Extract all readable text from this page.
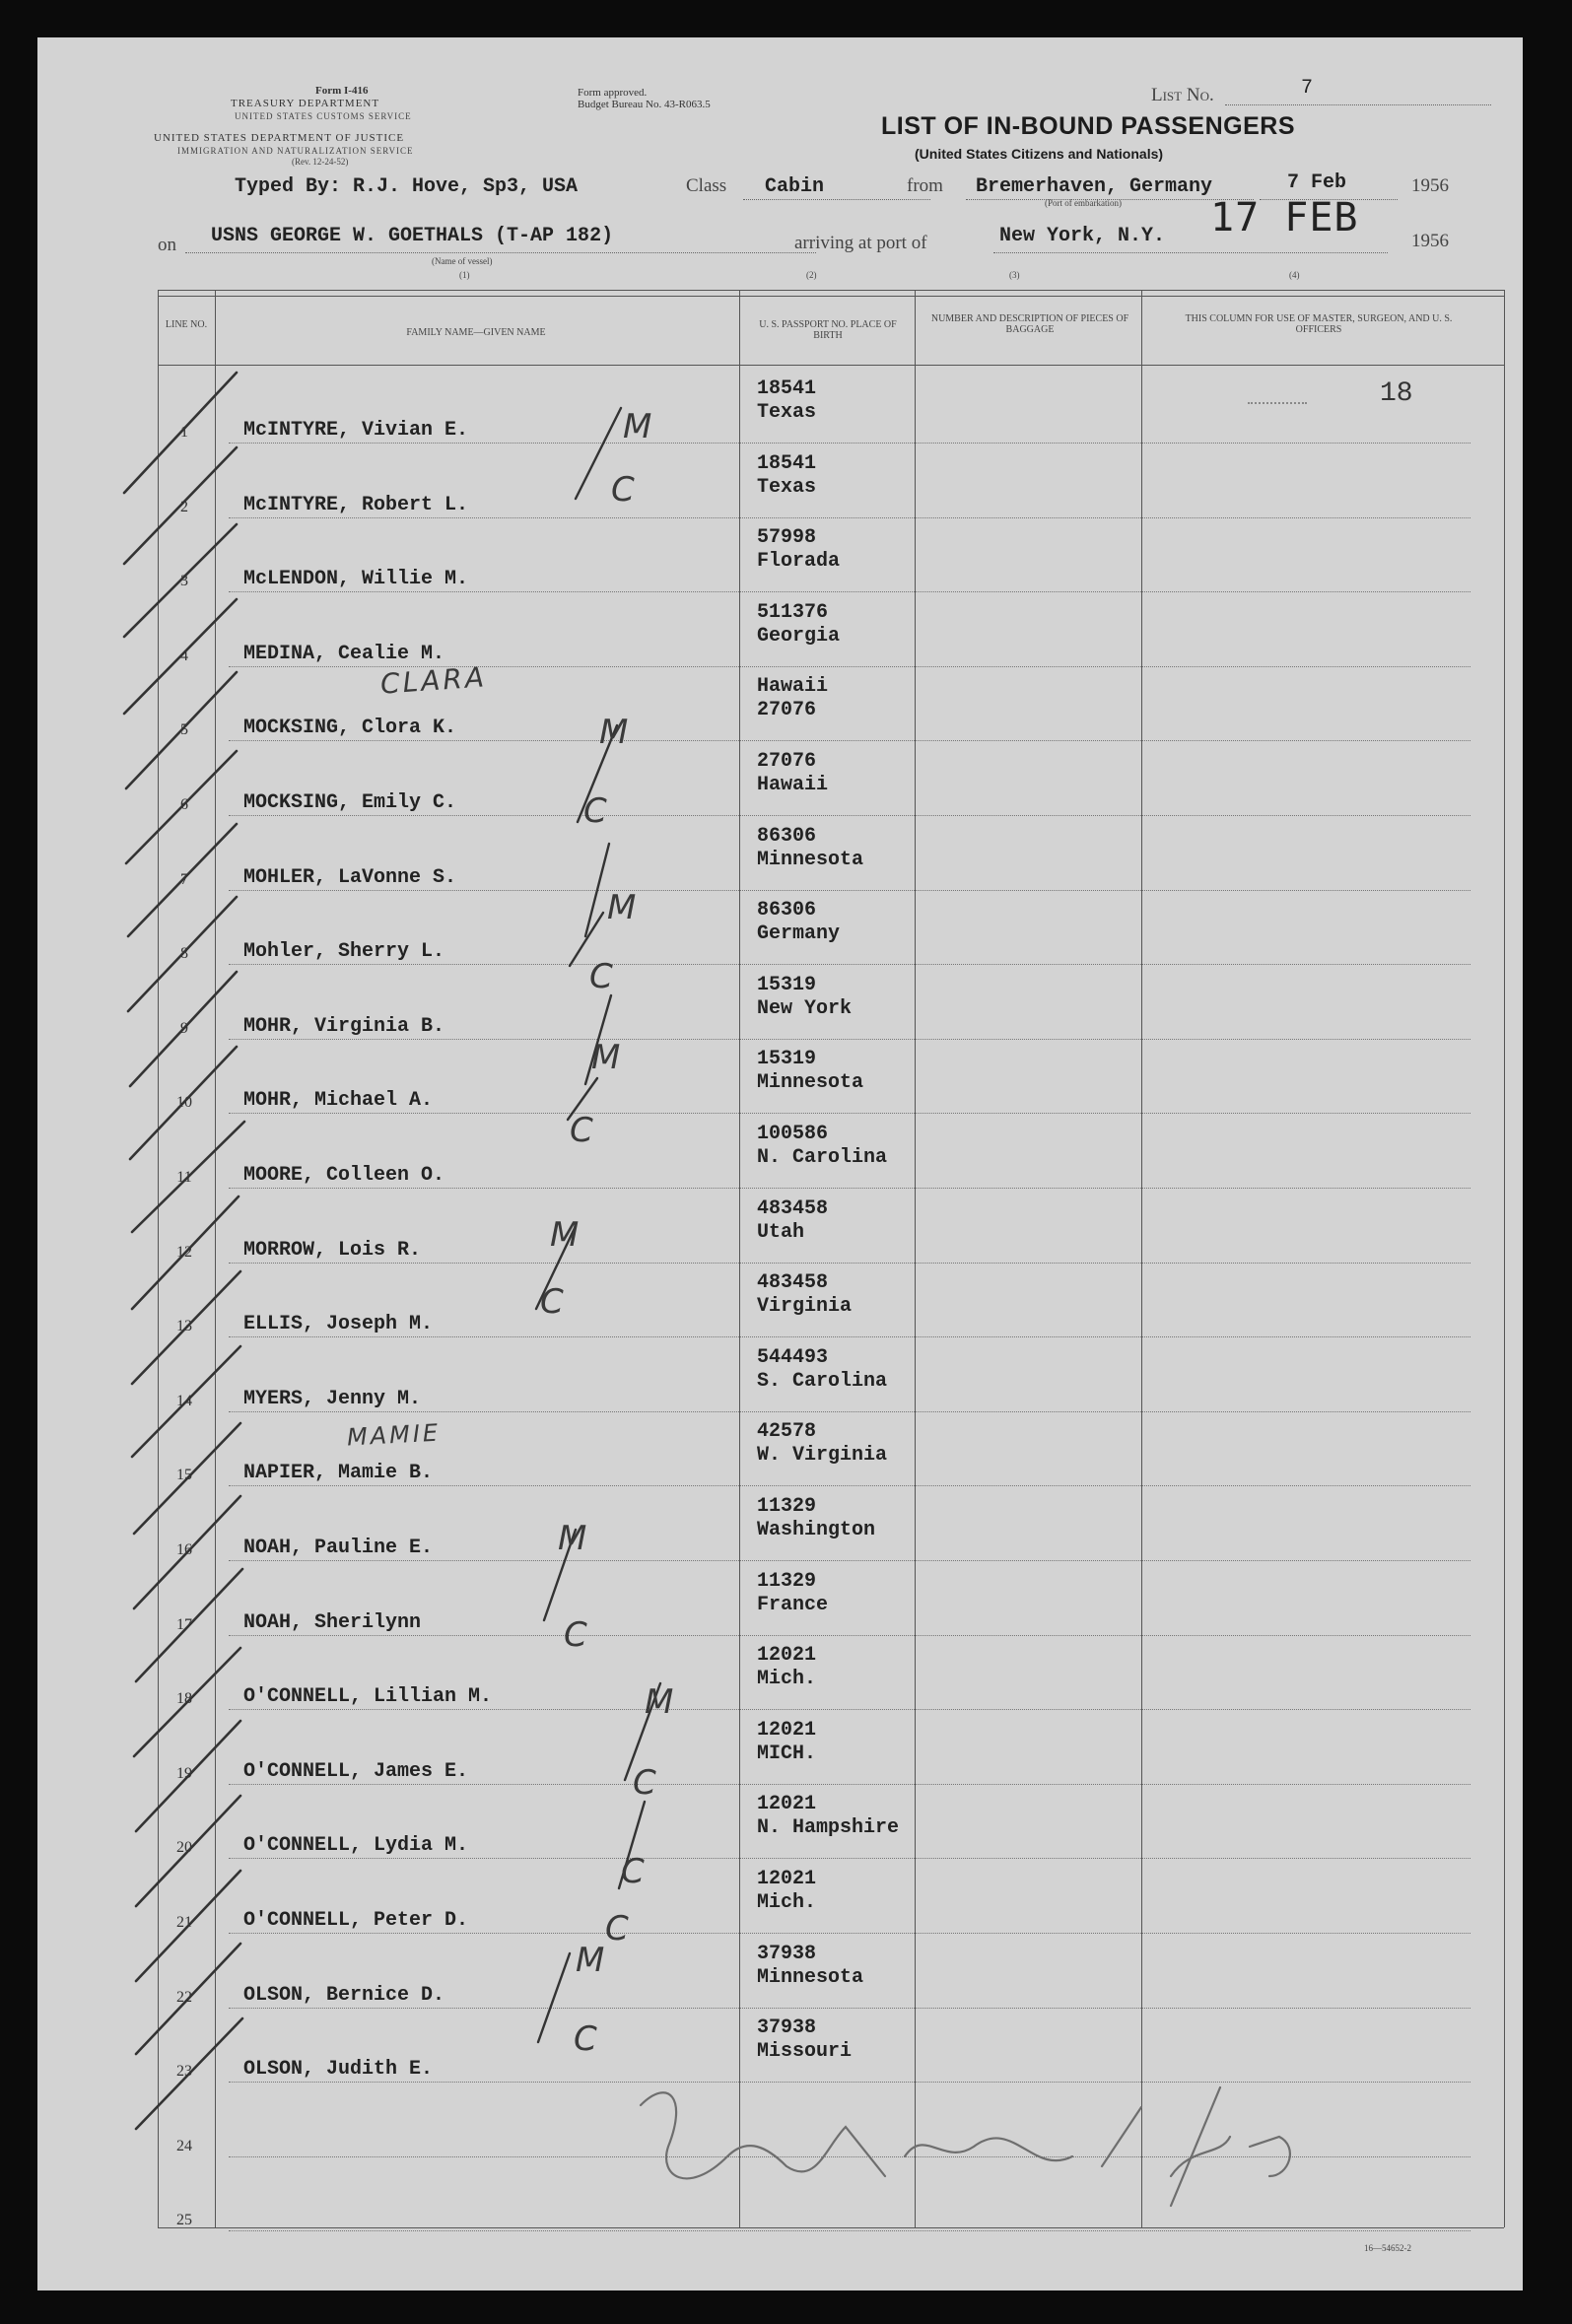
Form I-416
TREASURY DEPARTMENT
UNITED STATES CUSTOMS SERVICE
Form approved.
Budget Bureau No. 43-R063.5
UNITED STATES DEPARTMENT OF JUSTICE
IMMIGRATION AND NATURALIZATION SERVICE
(Rev. 12-24-52)
List No.	7
LIST OF IN-BOUND PASSENGERS
(United States Citizens and Nationals)
Typed By: R.J. Hove, Sp3, USA	Class Cabin	from Bremerhaven, Germany
(Port of embarkation)
7 Feb	1956
on USNS GEORGE W. GOETHALS (T-AP 182)
(Name of vessel)
(1)
arriving at port of
(2)
New York, N.Y. 17 FEB
(3)	(4)
1956
LINE NO.
FAMILY NAME—GIVEN NAME
U. S. PASSPORT NO. PLACE OF BIRTH
NUMBER AND DESCRIPTION OF PIECES OF BAGGAGE
THIS COLUMN FOR USE OF MASTER, SURGEON, AND U. S. OFFICERS
18
1	McINTYRE, Vivian E.
18541
Texas
2	McINTYRE, Robert L.
18541
Texas
3	McLENDON, Willie M.
57998
Florada
4	MEDINA, Cealie M.
511376
Georgia
5	MOCKSING, Clora K.
Hawaii
27076
6	MOCKSING, Emily C.
27076
Hawaii
7	MOHLER, LaVonne S.
86306
Minnesota
8	Mohler, Sherry L.
86306
Germany
9	MOHR, Virginia B.
15319
New York
10	MOHR, Michael A.
15319
Minnesota
11	MOORE, Colleen O.
100586
N. Carolina
12	MORROW, Lois R.
483458
Utah
13	ELLIS, Joseph M.
483458
Virginia
14	MYERS, Jenny M.
544493
S. Carolina
15	NAPIER, Mamie B.
42578
W. Virginia
16	NOAH, Pauline E.
11329
Washington
17	NOAH, Sherilynn
11329
France
18	O'CONNELL, Lillian M.
12021
Mich.
19	O'CONNELL, James E.
12021
MICH.
20	O'CONNELL, Lydia M.
12021
N. Hampshire
21	O'CONNELL, Peter D.
12021
Mich.
22	OLSON, Bernice D.
37938
Minnesota
23	OLSON, Judith E.
37938
Missouri
24
25
CLARA
MAMIE
M
C
M
C
M
C
M
C
M
C
M
C
M
C
C
C
M
C
16—54652-2
